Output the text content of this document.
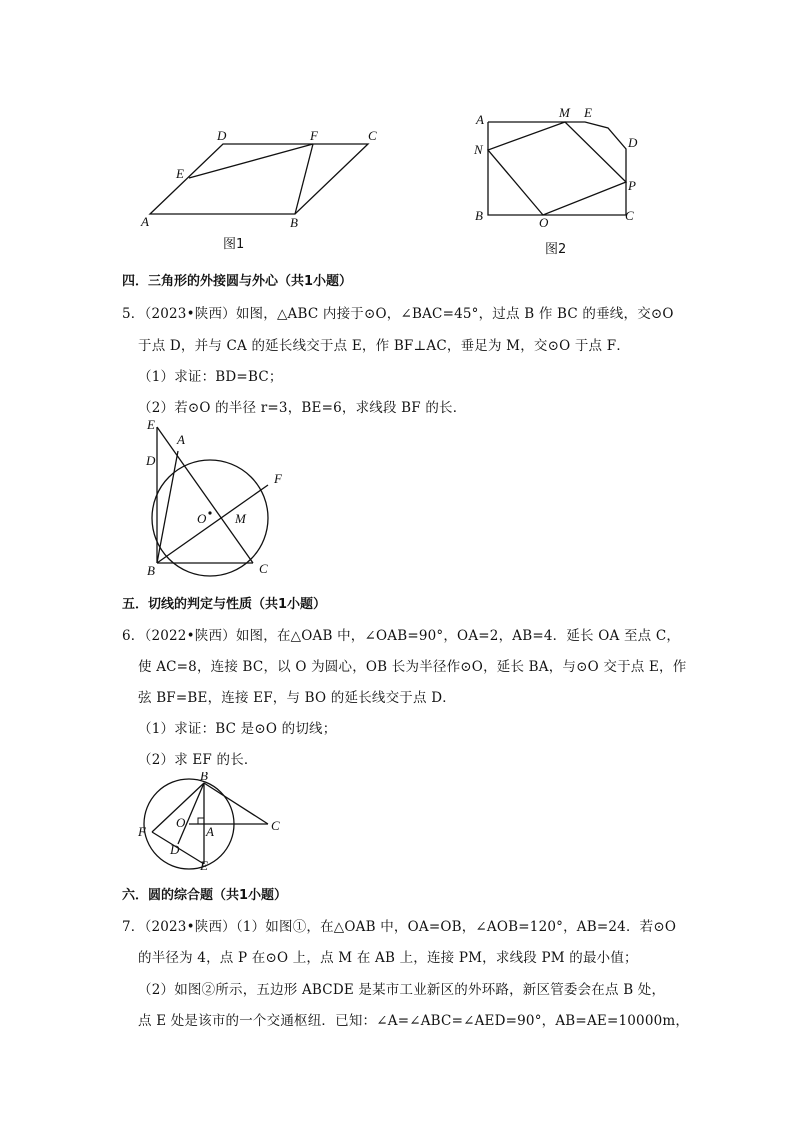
A	B
C
D
E
F
图1
A	M E
D
N
P
B	O	C
图2
四．三角形的外接圆与外心（共1小题）
5．（2023•陕西）如图，△ABC 内接于⊙O，∠BAC=45°，过点 B 作 BC 的垂线，交⊙O
于点 D，并与 CA 的延长线交于点 E，作 BF⊥AC，垂足为 M，交⊙O 于点 F．
（1）求证：BD=BC；
（2）若⊙O 的半径 r=3，BE=6，求线段 BF 的长．
E
A
D
F
O M
B	C
五．切线的判定与性质（共1小题）
6．（2022•陕西）如图，在△OAB 中，∠OAB=90°，OA=2，AB=4．延长 OA 至点 C，
使 AC=8，连接 BC，以 O 为圆心，OB 长为半径作⊙O，延长 BA，与⊙O 交于点 E，作
弦 BF=BE，连接 EF，与 BO 的延长线交于点 D．
（1）求证：BC 是⊙O 的切线；
（2）求 EF 的长．
B
O
A
F
D
E
C
六．圆的综合题（共1小题）
7．（2023•陕西）（1）如图①，在△OAB 中，OA=OB，∠AOB=120°，AB=24．若⊙O
的半径为 4，点 P 在⊙O 上，点 M 在 AB 上，连接 PM，求线段 PM 的最小值；
（2）如图②所示，五边形 ABCDE 是某市工业新区的外环路，新区管委会在点 B 处，
点 E 处是该市的一个交通枢纽．已知：∠A=∠ABC=∠AED=90°，AB=AE=10000m，
